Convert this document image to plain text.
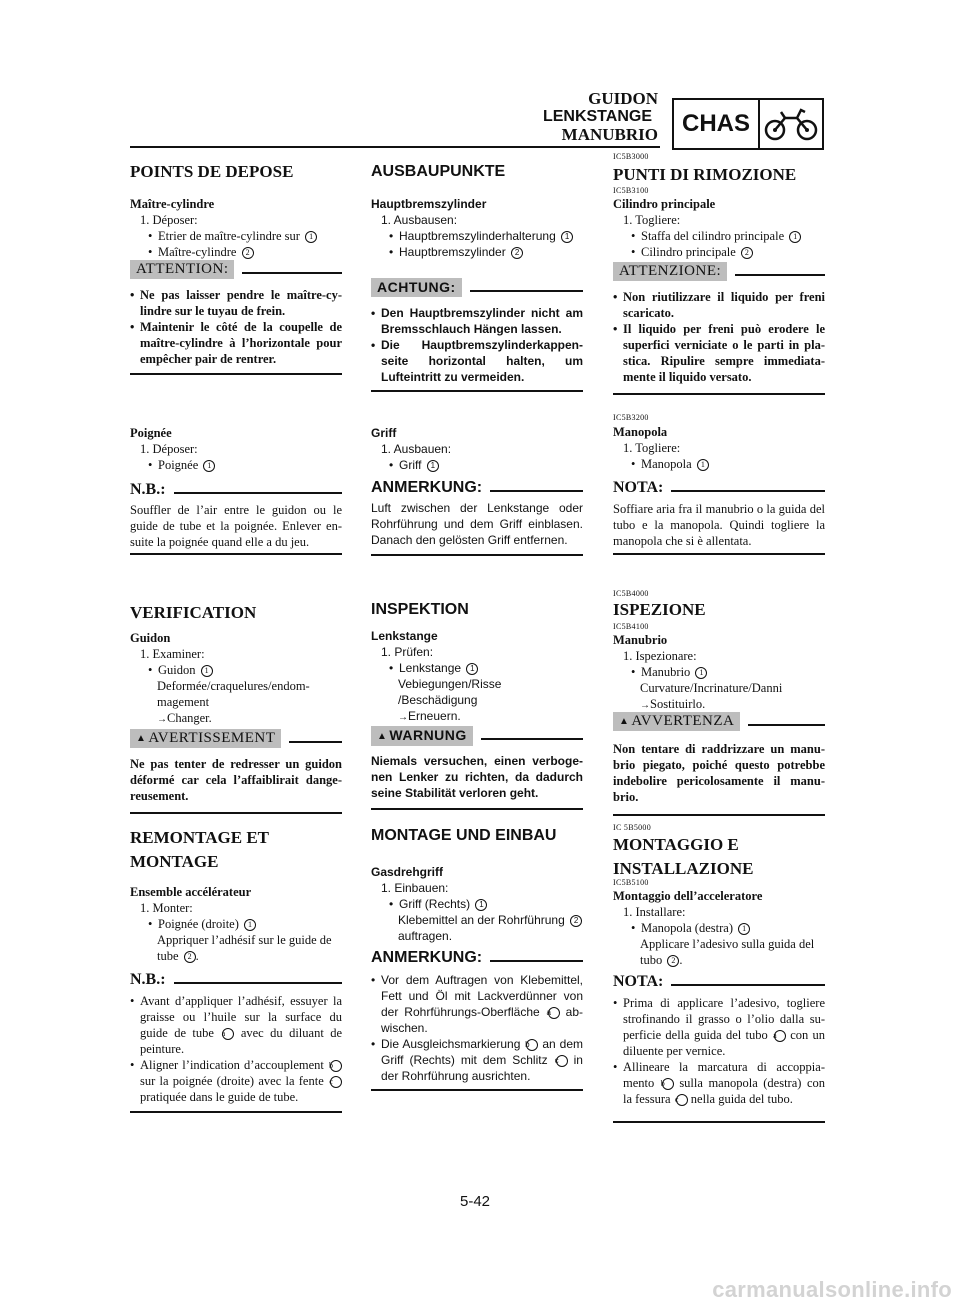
GUIDON
LENKSTANGE
MANUBRIO CHAS
POINTS DE DEPOSE
Maître-cylindre
1. Déposer:
• Etrier de maître-cylindre sur 1
• Maître-cylindre 2
ATTENTION:
• Ne pas laisser pendre le maître-cy-lindre sur le tuyau de frein.
• Maintenir le côté de la coupelle de maître-cylindre à l’horizontale pour empêcher pair de rentrer.
Poignée
1. Déposer:
• Poignée 1
N.B.:
Souffler de l’air entre le guidon ou le guide de tube et la poignée. Enlever en-suite la poignée quand elle a du jeu.
VERIFICATION
Guidon
1. Examiner:
• Guidon 1
Deformée/craquelures/endom-magement
→Changer.
▲ AVERTISSEMENT
Ne pas tenter de redresser un guidon déformé car cela l’affaiblirait dange-reusement.
REMONTAGE ET MONTAGE
Ensemble accélérateur
1. Monter:
• Poignée (droite) 1
Appriquer l’adhésif sur le guide de tube 2 .
N.B.:
• Avant d’appliquer l’adhésif, essuyer la graisse ou l’huile sur la surface du guide de tube a avec du diluant de peinture.
• Aligner l’indication d’accouplement b sur la poignée (droite) avec la fente c pratiquée dans le guide de tube.
AUSBAUPUNKTE
Hauptbremszylinder
1. Ausbausen:
• Hauptbremszylinderhalterung 1
• Hauptbremszylinder 2
ACHTUNG:
• Den Hauptbremszylinder nicht am Bremsschlauch Hängen lassen.
• Die Hauptbremszylinderkappen-seite horizontal halten, um Lufteintritt zu vermeiden.
Griff
1. Ausbauen:
• Griff 1
ANMERKUNG:
Luft zwischen der Lenkstange oder Rohrführung und dem Griff einblasen. Danach den gelösten Griff entfernen.
INSPEKTION
Lenkstange
1. Prüfen:
• Lenkstange 1
Vebiegungen/Risse /Beschädigung
→Erneuern.
▲ WARNUNG
Niemals versuchen, einen verboge-nen Lenker zu richten, da dadurch seine Stabilität verloren geht.
MONTAGE UND EINBAU
Gasdrehgriff
1. Einbauen:
• Griff (Rechts) 1
Klebemittel an der Rohrführung 2 auftragen.
ANMERKUNG:
• Vor dem Auftragen von Klebemittel, Fett und Öl mit Lackverdünner von der Rohrführungs-Oberfläche a ab-wischen.
• Die Ausgleichsmarkierung b an dem Griff (Rechts) mit dem Schlitz c in der Rohrführung ausrichten.
IC5B3000
PUNTI DI RIMOZIONE
IC5B3100
Cilindro principale
1. Togliere:
• Staffa del cilindro principale 1
• Cilindro principale 2
ATTENZIONE:
• Non riutilizzare il liquido per freni scaricato.
• Il liquido per freni può erodere le superfici verniciate o le parti in pla-stica. Ripulire sempre immediata-mente il liquido versato.
IC5B3200
Manopola
1. Togliere:
• Manopola 1
NOTA:
Soffiare aria fra il manubrio o la guida del tubo e la manopola. Quindi togliere la manopola che si è allentata.
IC5B4000
ISPEZIONE
IC5B4100
Manubrio
1. Ispezionare:
• Manubrio 1
Curvature/Incrinature/Danni
→Sostituirlo.
▲ AVVERTENZA
Non tentare di raddrizzare un manu-brio piegato, poiché questo potrebbe indebolire pericolosamente il manu-brio.
IC 5B5000
MONTAGGIO E INSTALLAZIONE
IC5B5100
Montaggio dell’acceleratore
1. Installare:
• Manopola (destra) 1
Applicare l’adesivo sulla guida del tubo 2 .
NOTA:
• Prima di applicare l’adesivo, togliere strofinando il grasso o l’olio dalla su-perficie della guida del tubo a con un diluente per vernice.
• Allineare la marcatura di accoppia-mento b sulla manopola (destra) con la fessura c nella guida del tubo.
5-42
carmanualsonline.info
